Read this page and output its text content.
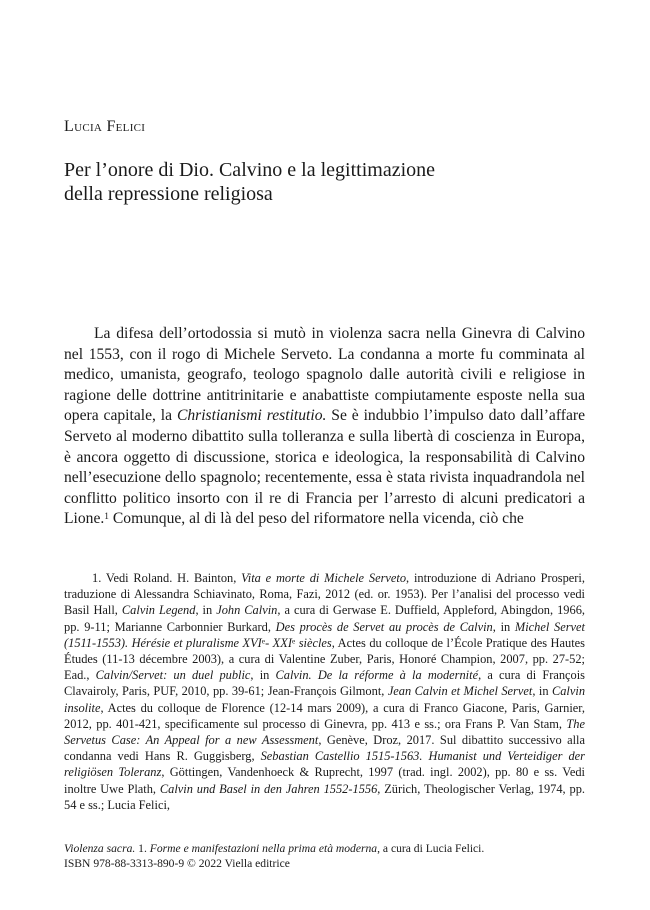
Lucia Felici
Per l’onore di Dio. Calvino e la legittimazione
della repressione religiosa
La difesa dell’ortodossia si mutò in violenza sacra nella Ginevra di Calvino nel 1553, con il rogo di Michele Serveto. La condanna a morte fu comminata al medico, umanista, geografo, teologo spagnolo dalle autorità civili e religiose in ragione delle dottrine antitrinitarie e anabattiste compiutamente esposte nella sua opera capitale, la Christianismi restitutio. Se è indubbio l’impulso dato dall’affare Serveto al moderno dibattito sulla tolleranza e sulla libertà di coscienza in Europa, è ancora oggetto di discussione, storica e ideologica, la responsabilità di Calvino nell’esecuzione dello spagnolo; recentemente, essa è stata rivista inquadrandola nel conflitto politico insorto con il re di Francia per l’arresto di alcuni predicatori a Lione.$^1$ Comunque, al di là del peso del riformatore nella vicenda, ciò che
1. Vedi Roland. H. Bainton, Vita e morte di Michele Serveto, introduzione di Adriano Prosperi, traduzione di Alessandra Schiavinato, Roma, Fazi, 2012 (ed. or. 1953). Per l’analisi del processo vedi Basil Hall, Calvin Legend, in John Calvin, a cura di Gerwase E. Duffield, Appleford, Abingdon, 1966, pp. 9-11; Marianne Carbonnier Burkard, Des procès de Servet au procès de Calvin, in Michel Servet (1511-1553). Hérésie et pluralisme XVIe- XXIe siècles, Actes du colloque de l’École Pratique des Hautes Études (11-13 décembre 2003), a cura di Valentine Zuber, Paris, Honoré Champion, 2007, pp. 27-52; Ead., Calvin/Servet: un duel public, in Calvin. De la réforme à la modernité, a cura di François Clavairoly, Paris, PUF, 2010, pp. 39-61; Jean-François Gilmont, Jean Calvin et Michel Servet, in Calvin insolite, Actes du colloque de Florence (12-14 mars 2009), a cura di Franco Giacone, Paris, Garnier, 2012, pp. 401-421, specificamente sul processo di Ginevra, pp. 413 e ss.; ora Frans P. Van Stam, The Servetus Case: An Appeal for a new Assessment, Genève, Droz, 2017. Sul dibattito successivo alla condanna vedi Hans R. Guggisberg, Sebastian Castellio 1515-1563. Humanist und Verteidiger der religiösen Toleranz, Göttingen, Vandenhoeck & Ruprecht, 1997 (trad. ingl. 2002), pp. 80 e ss. Vedi inoltre Uwe Plath, Calvin und Basel in den Jahren 1552-1556, Zürich, Theologischer Verlag, 1974, pp. 54 e ss.; Lucia Felici,
Violenza sacra. 1. Forme e manifestazioni nella prima età moderna, a cura di Lucia Felici.
ISBN 978-88-3313-890-9 © 2022 Viella editrice
